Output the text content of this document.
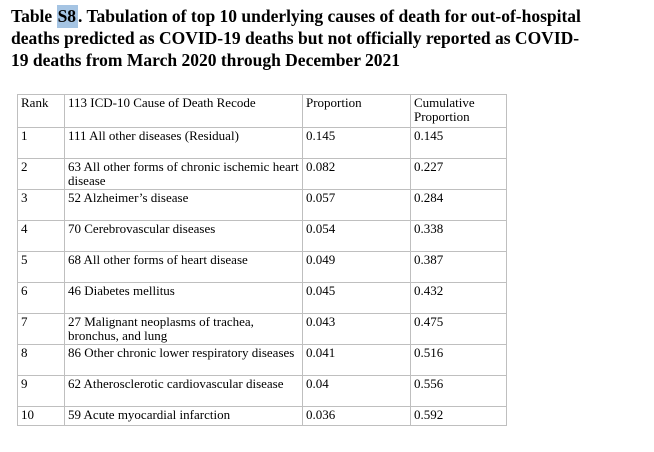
Table S8 . Tabulation of top 10 underlying causes of death for out-of-hospital
deaths predicted as COVID-19 deaths but not officially reported as COVID-
19 deaths from March 2020 through December 2021
Rank	113 ICD-10 Cause of Death Recode	Proportion	Cumulative Proportion
1	111 All other diseases (Residual)	0.145	0.145
2	63 All other forms of chronic ischemic heart disease	0.082	0.227
3	52 Alzheimer’s disease	0.057	0.284
4	70 Cerebrovascular diseases	0.054	0.338
5	68 All other forms of heart disease	0.049	0.387
6	46 Diabetes mellitus	0.045	0.432
7	27 Malignant neoplasms of trachea, bronchus, and lung	0.043	0.475
8	86 Other chronic lower respiratory diseases	0.041	0.516
9	62 Atherosclerotic cardiovascular disease	0.04	0.556
10	59 Acute myocardial infarction	0.036	0.592
